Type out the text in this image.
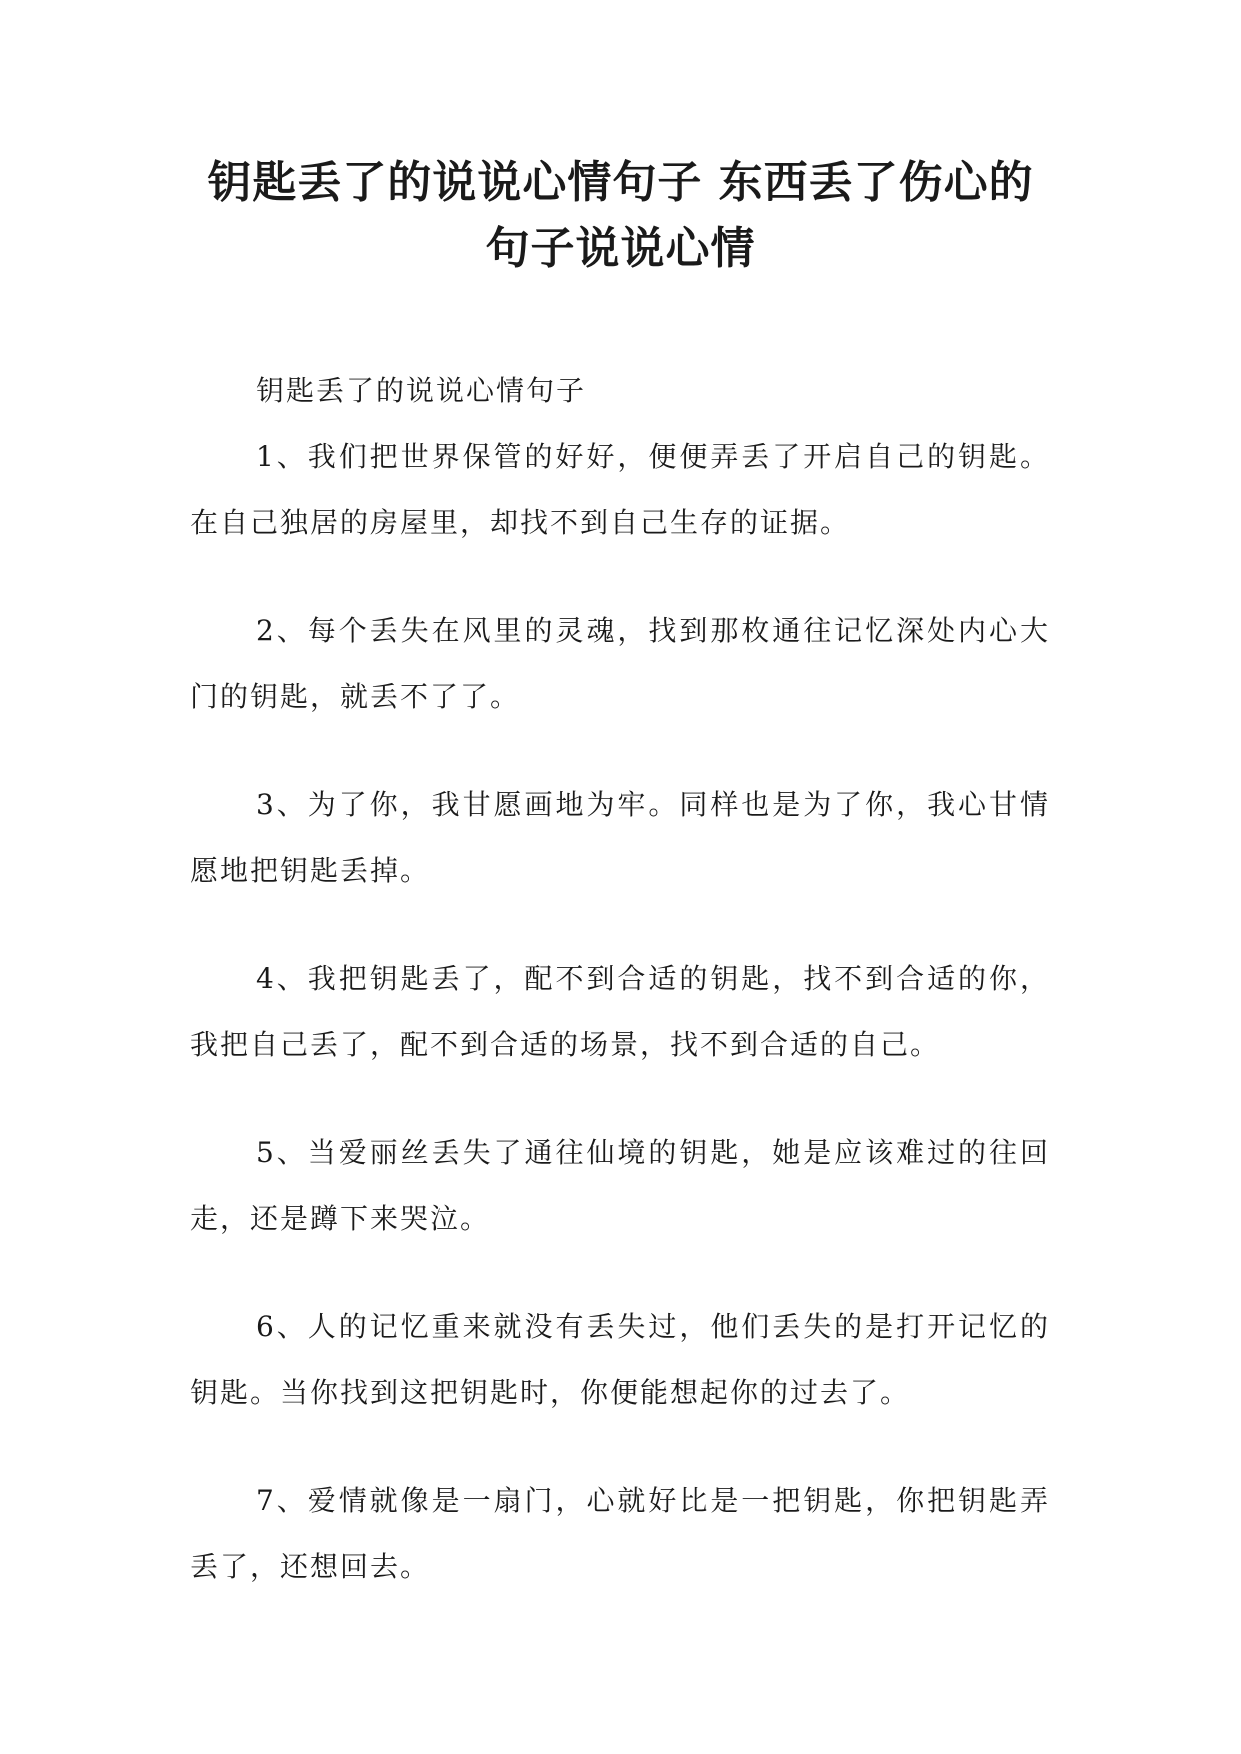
钥匙丢了的说说心情句子 东西丢了伤心的
句子说说心情

钥匙丢了的说说心情句子

1、我们把世界保管的好好，便便弄丢了开启自己的钥匙。在自己独居的房屋里，却找不到自己生存的证据。

2、每个丢失在风里的灵魂，找到那枚通往记忆深处内心大门的钥匙，就丢不了了。

3、为了你，我甘愿画地为牢。同样也是为了你，我心甘情愿地把钥匙丢掉。

4、我把钥匙丢了，配不到合适的钥匙，找不到合适的你，我把自己丢了，配不到合适的场景，找不到合适的自己。

5、当爱丽丝丢失了通往仙境的钥匙，她是应该难过的往回走，还是蹲下来哭泣。

6、人的记忆重来就没有丢失过，他们丢失的是打开记忆的钥匙。当你找到这把钥匙时，你便能想起你的过去了。

7、爱情就像是一扇门，心就好比是一把钥匙，你把钥匙弄丢了，还想回去。
